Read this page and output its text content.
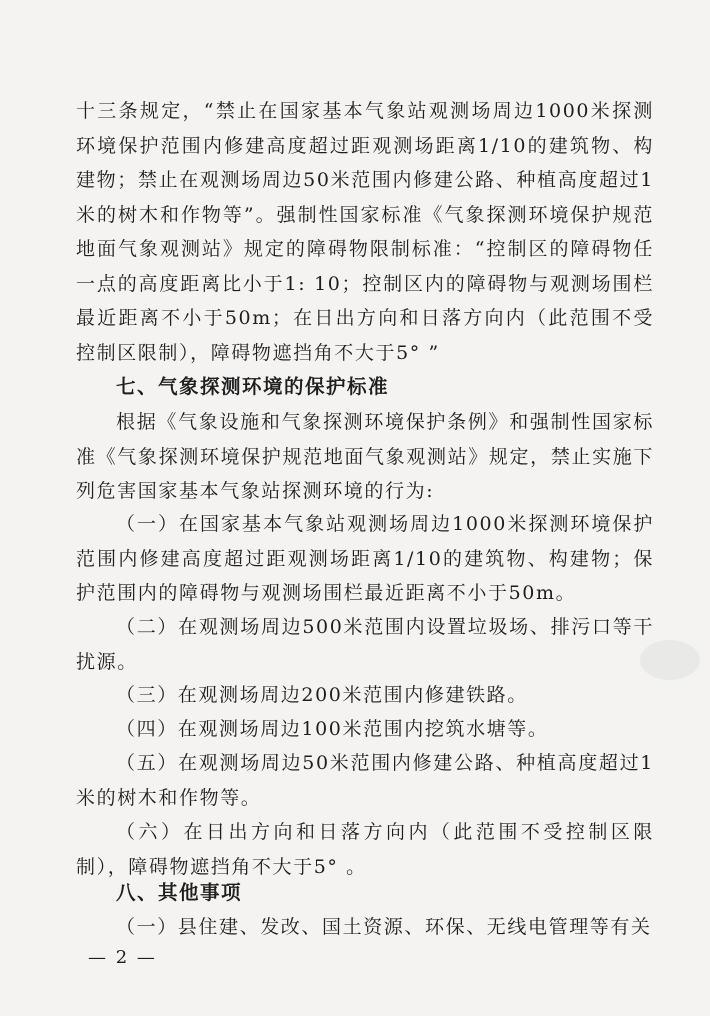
十三条规定，“禁止在国家基本气象站观测场周边1000米探测环境保护范围内修建高度超过距观测场距离1/10的建筑物、构建物；禁止在观测场周边50米范围内修建公路、种植高度超过1米的树木和作物等”。强制性国家标准《气象探测环境保护规范地面气象观测站》规定的障碍物限制标准：“控制区的障碍物任一点的高度距离比小于1: 10；控制区内的障碍物与观测场围栏最近距离不小于50m；在日出方向和日落方向内（此范围不受控制区限制），障碍物遮挡角不大于5° ”

七、气象探测环境的保护标准

根据《气象设施和气象探测环境保护条例》和强制性国家标准《气象探测环境保护规范地面气象观测站》规定，禁止实施下列危害国家基本气象站探测环境的行为:

（一）在国家基本气象站观测场周边1000米探测环境保护范围内修建高度超过距观测场距离1/10的建筑物、构建物；保护范围内的障碍物与观测场围栏最近距离不小于50m。

（二）在观测场周边500米范围内设置垃圾场、排污口等干扰源。

（三）在观测场周边200米范围内修建铁路。

（四）在观测场周边100米范围内挖筑水塘等。

（五）在观测场周边50米范围内修建公路、种植高度超过1米的树木和作物等。

（六）在日出方向和日落方向内（此范围不受控制区限制），障碍物遮挡角不大于5° 。

八、其他事项

（一）县住建、发改、国土资源、环保、无线电管理等有关

— 2 —
